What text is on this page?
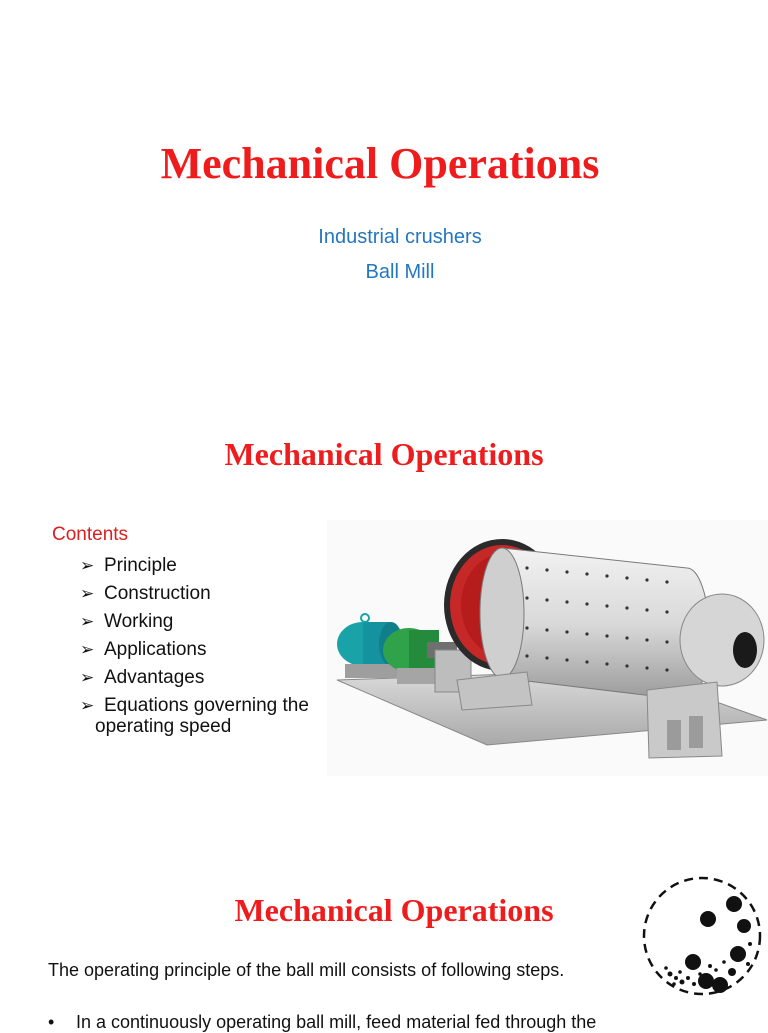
Mechanical Operations
Industrial crushers
Ball Mill
Mechanical Operations
Contents
➢ Principle
➢ Construction
➢ Working
➢ Applications
➢ Advantages
➢ Equations governing the
operating speed
Mechanical Operations
The operating principle of the ball mill consists of following steps.
• In a continuously operating ball mill, feed material fed through the
